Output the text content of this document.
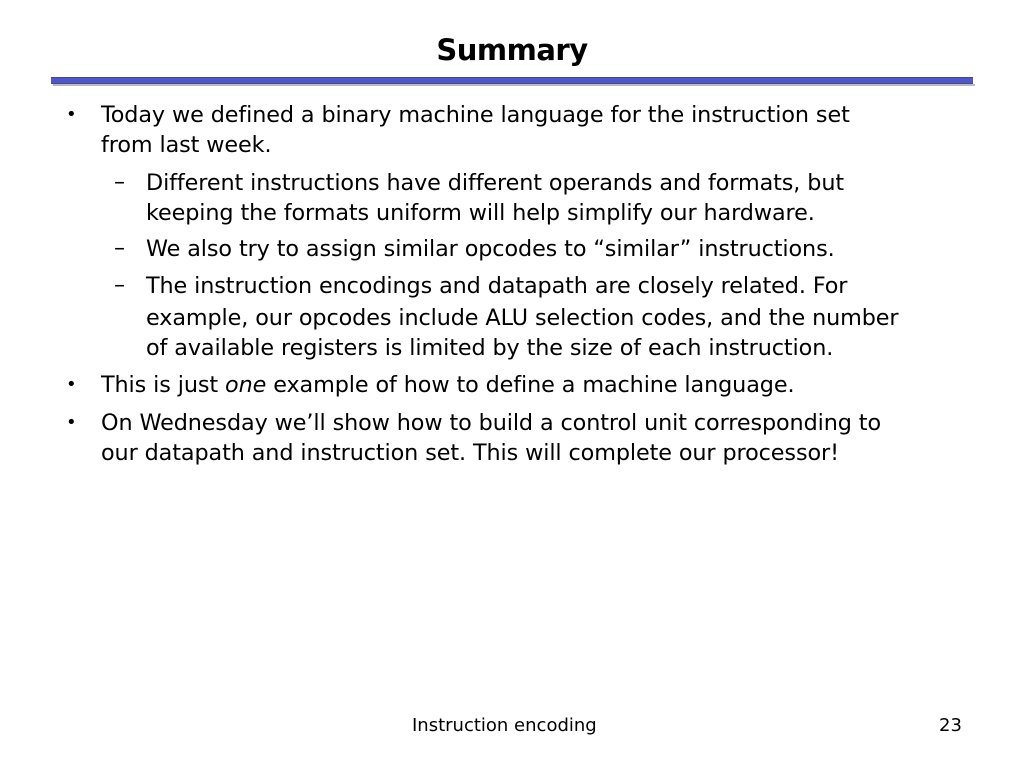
Summary
• Today we defined a binary machine language for the instruction set
from last week.
– Different instructions have different operands and formats, but
keeping the formats uniform will help simplify our hardware.
– We also try to assign similar opcodes to “similar” instructions.
– The instruction encodings and datapath are closely related. For
example, our opcodes include ALU selection codes, and the number
of available registers is limited by the size of each instruction.
• This is just one example of how to define a machine language.
• On Wednesday we’ll show how to build a control unit corresponding to
our datapath and instruction set. This will complete our processor!
Instruction encoding	23
